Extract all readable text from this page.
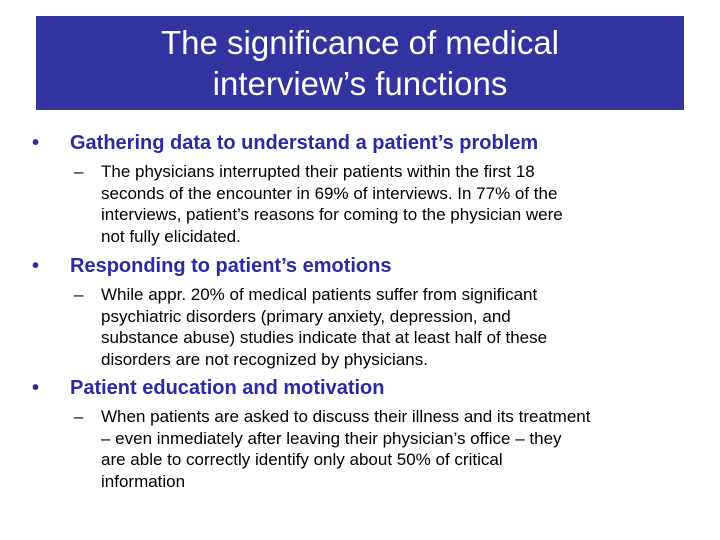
The significance of medical
interview’s functions
• Gathering data to understand a patient’s problem
– The physicians interrupted their patients within the first 18
seconds of the encounter in 69% of interviews. In 77% of the
interviews, patient’s reasons for coming to the physician were
not fully elicidated.
• Responding to patient’s emotions
– While appr. 20% of medical patients suffer from significant
psychiatric disorders (primary anxiety, depression, and
substance abuse) studies indicate that at least half of these
disorders are not recognized by physicians.
• Patient education and motivation
– When patients are asked to discuss their illness and its treatment
– even inmediately after leaving their physician’s office – they
are able to correctly identify only about 50% of critical
information
